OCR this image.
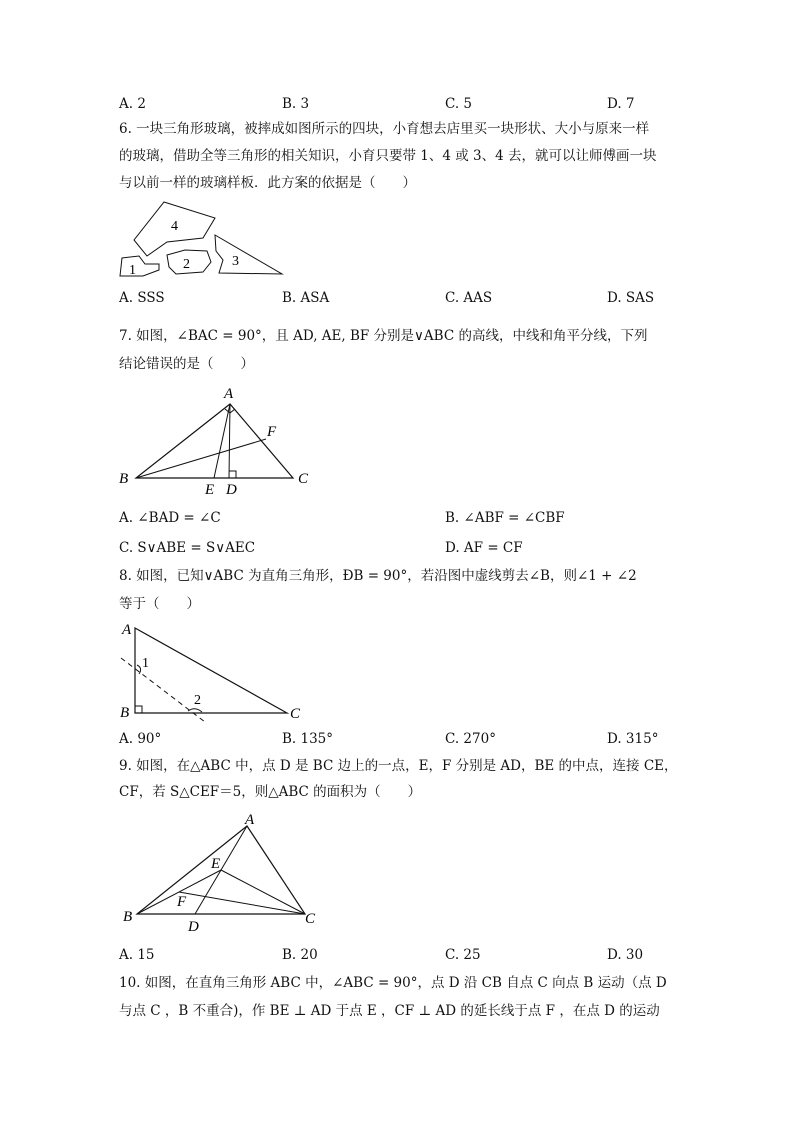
A. 2	B. 3	C. 5	D. 7
6. 一块三角形玻璃，被摔成如图所示的四块，小育想去店里买一块形状、大小与原来一样
的玻璃，借助全等三角形的相关知识，小育只要带 1、4 或 3、4 去，就可以让师傅画一块
与以前一样的玻璃样板．此方案的依据是（　　）
4
2	3
1
A. SSS	B. ASA	C. AAS	D. SAS
7. 如图，∠BAC = 90°，且 AD, AE, BF 分别是∨ABC 的高线，中线和角平分线，下列
结论错误的是（　　）
A
B	C
E D
F
A. ∠BAD = ∠C	B. ∠ABF = ∠CBF
C. S∨ABE = S∨AEC	D. AF = CF
8. 如图，已知∨ABC 为直角三角形，ÐB = 90°，若沿图中虚线剪去∠B，则∠1 + ∠2
等于（　　）
A
B	C
1
2
A. 90°	B. 135°	C. 270°	D. 315°
9. 如图，在△ABC 中，点 D 是 BC 边上的一点，E，F 分别是 AD，BE 的中点，连接 CE，
CF，若 S△CEF＝5，则△ABC 的面积为（　　）
A
B	C
E
F
D
A. 15	B. 20	C. 25	D. 30
10. 如图，在直角三角形 ABC 中，∠ABC = 90°，点 D 沿 CB 自点 C 向点 B 运动（点 D
与点 C ，B 不重合)，作 BE ⊥ AD 于点 E ，CF ⊥ AD 的延长线于点 F ，在点 D 的运动
